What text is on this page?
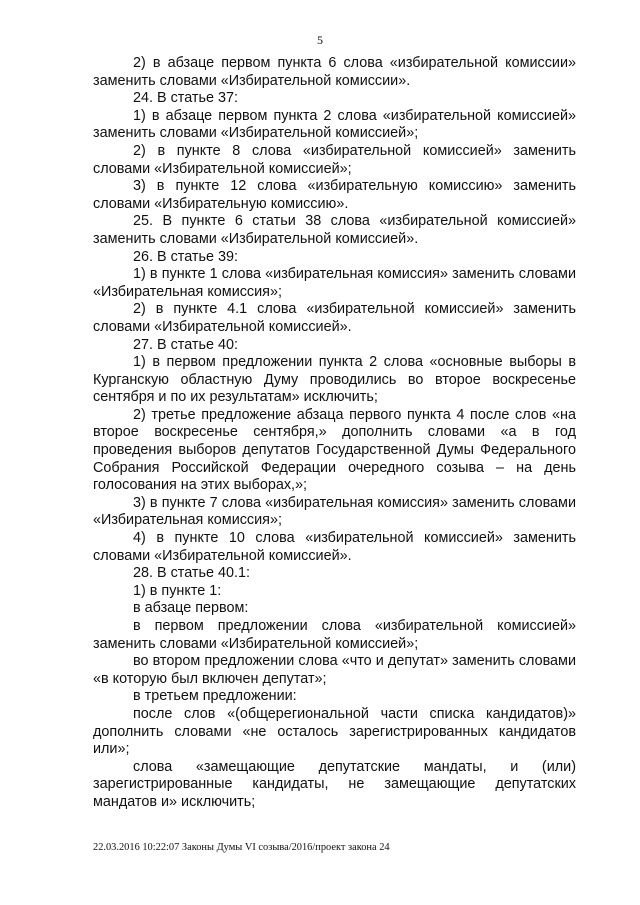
5

2) в абзаце первом пункта 6 слова «избирательной комиссии» заменить словами «Избирательной комиссии».

24. В статье 37:

1) в абзаце первом пункта 2 слова «избирательной комиссией» заменить словами «Избирательной комиссией»;

2) в пункте 8 слова «избирательной комиссией» заменить словами «Избирательной комиссией»;

3) в пункте 12 слова «избирательную комиссию» заменить словами «Избирательную комиссию».

25. В пункте 6 статьи 38 слова «избирательной комиссией» заменить словами «Избирательной комиссией».

26. В статье 39:

1) в пункте 1 слова «избирательная комиссия» заменить словами «Избирательная комиссия»;

2) в пункте 4.1 слова «избирательной комиссией» заменить словами «Избирательной комиссией».

27. В статье 40:

1) в первом предложении пункта 2 слова «основные выборы в Курганскую областную Думу проводились во второе воскресенье сентября и по их результатам» исключить;

2) третье предложение абзаца первого пункта 4 после слов «на второе воскресенье сентября,» дополнить словами «а в год проведения выборов депутатов Государственной Думы Федерального Собрания Российской Федерации очередного созыва – на день голосования на этих выборах,»;

3) в пункте 7 слова «избирательная комиссия» заменить словами «Избирательная комиссия»;

4) в пункте 10 слова «избирательной комиссией» заменить словами «Избирательной комиссией».

28. В статье 40.1:

1) в пункте 1:

в абзаце первом:

в первом предложении слова «избирательной комиссией» заменить словами «Избирательной комиссией»;

во втором предложении слова «что и депутат» заменить словами «в которую был включен депутат»;

в третьем предложении:

после слов «(общерегиональной части списка кандидатов)» дополнить словами «не осталось зарегистрированных кандидатов или»;

слова «замещающие депутатские мандаты, и (или) зарегистрированные кандидаты, не замещающие депутатских мандатов и» исключить;

22.03.2016 10:22:07 Законы Думы VI созыва/2016/проект закона 24
